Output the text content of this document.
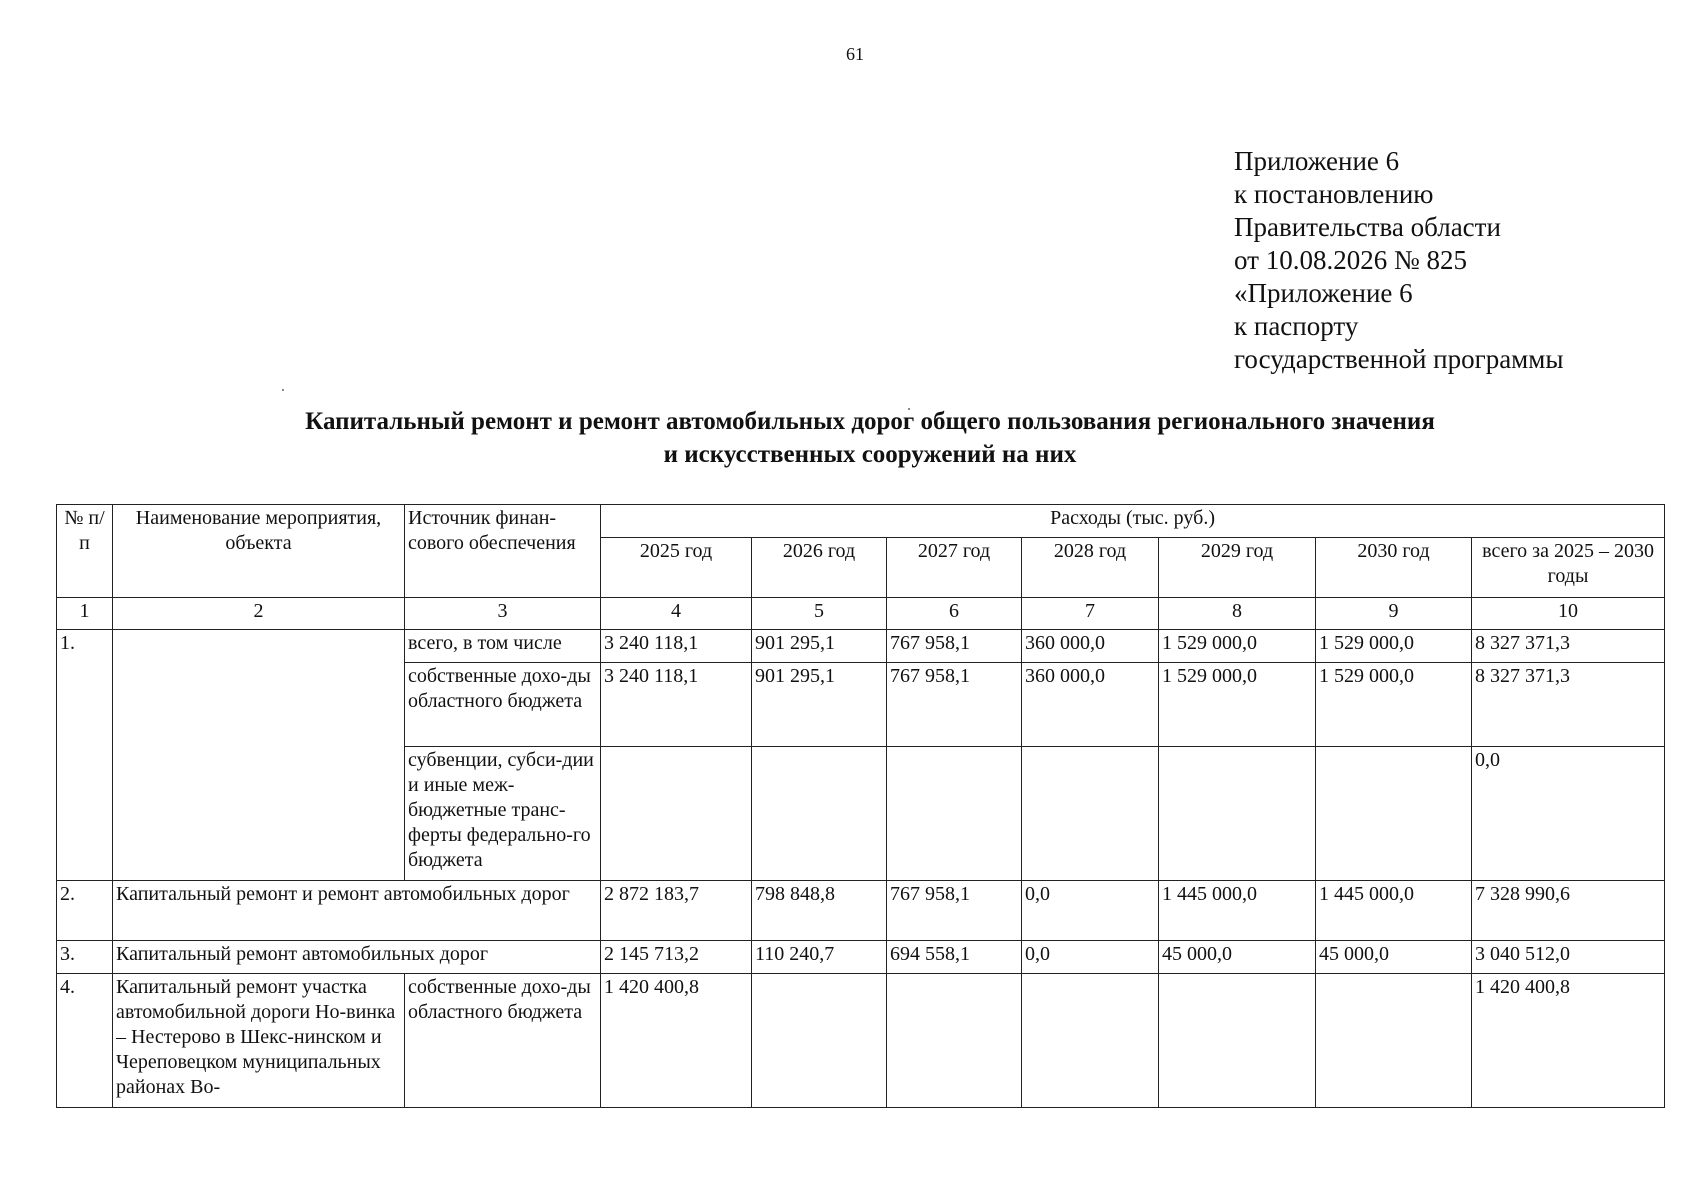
61
Приложение 6
к постановлению
Правительства области
от 10.08.2026 № 825
«Приложение 6
к паспорту
государственной программы
Капитальный ремонт и ремонт автомобильных дорог общего пользования регионального значения
и искусственных сооружений на них
№ п/п	Наименование мероприятия, объекта	Источник финан-сового обеспечения	Расходы (тыс. руб.)						
			2025 год	2026 год	2027 год	2028 год	2029 год	2030 год	всего за 2025 – 2030 годы
1	2	3	4	5	6	7	8	9	10
1.		всего, в том числе	3 240 118,1	901 295,1	767 958,1	360 000,0	1 529 000,0	1 529 000,0	8 327 371,3
		собственные дохо-ды областного бюджета	3 240 118,1	901 295,1	767 958,1	360 000,0	1 529 000,0	1 529 000,0	8 327 371,3
		субвенции, субси-дии и иные меж-бюджетные транс-ферты федерально-го бюджета							0,0
2.	Капитальный ремонт и ремонт автомобильных дорог		2 872 183,7	798 848,8	767 958,1	0,0	1 445 000,0	1 445 000,0	7 328 990,6
3.	Капитальный ремонт автомобильных дорог		2 145 713,2	110 240,7	694 558,1	0,0	45 000,0	45 000,0	3 040 512,0
4.	Капитальный ремонт участка автомобильной дороги Но-винка – Нестерово в Шекс-нинском и Череповецком муниципальных районах Во-	собственные дохо-ды областного бюджета	1 420 400,8						1 420 400,8
